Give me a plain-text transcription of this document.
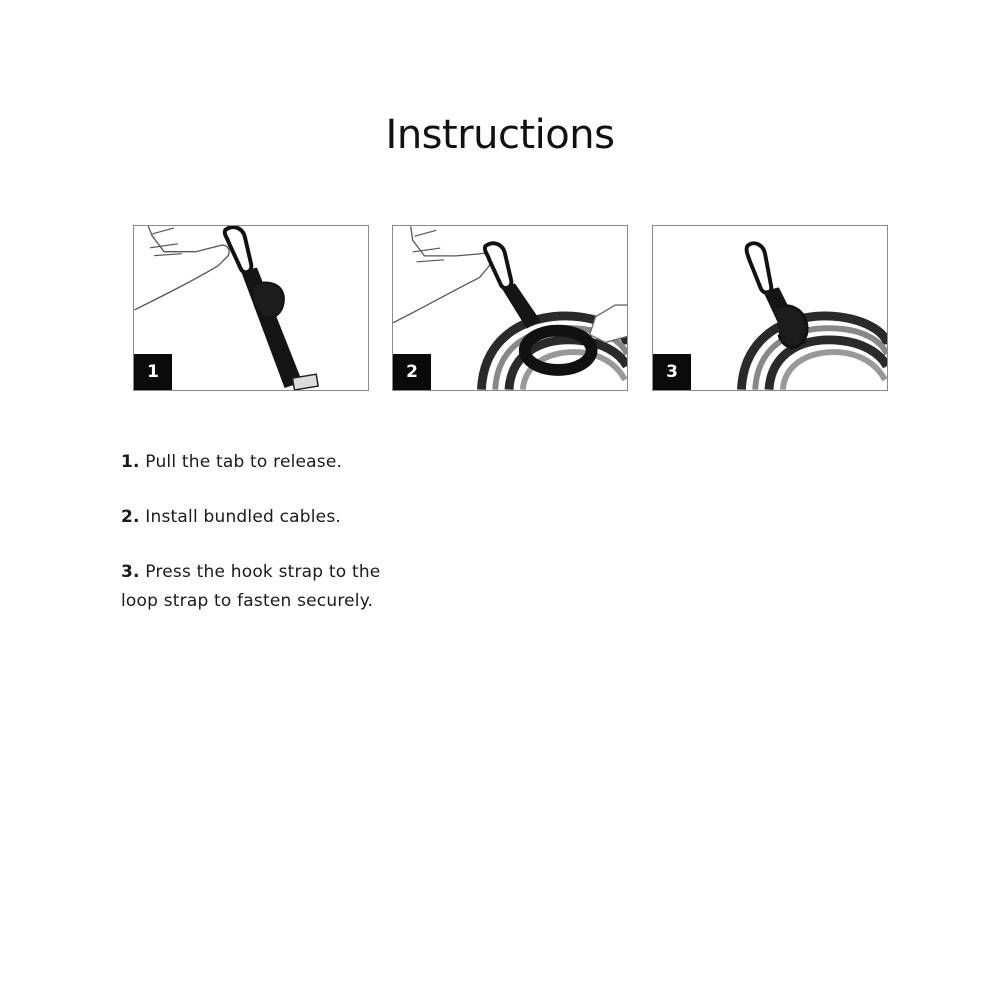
Instructions
1	2	3

1. Pull the tab to release.

2. Install bundled cables.

3. Press the hook strap to the loop strap to fasten securely.
